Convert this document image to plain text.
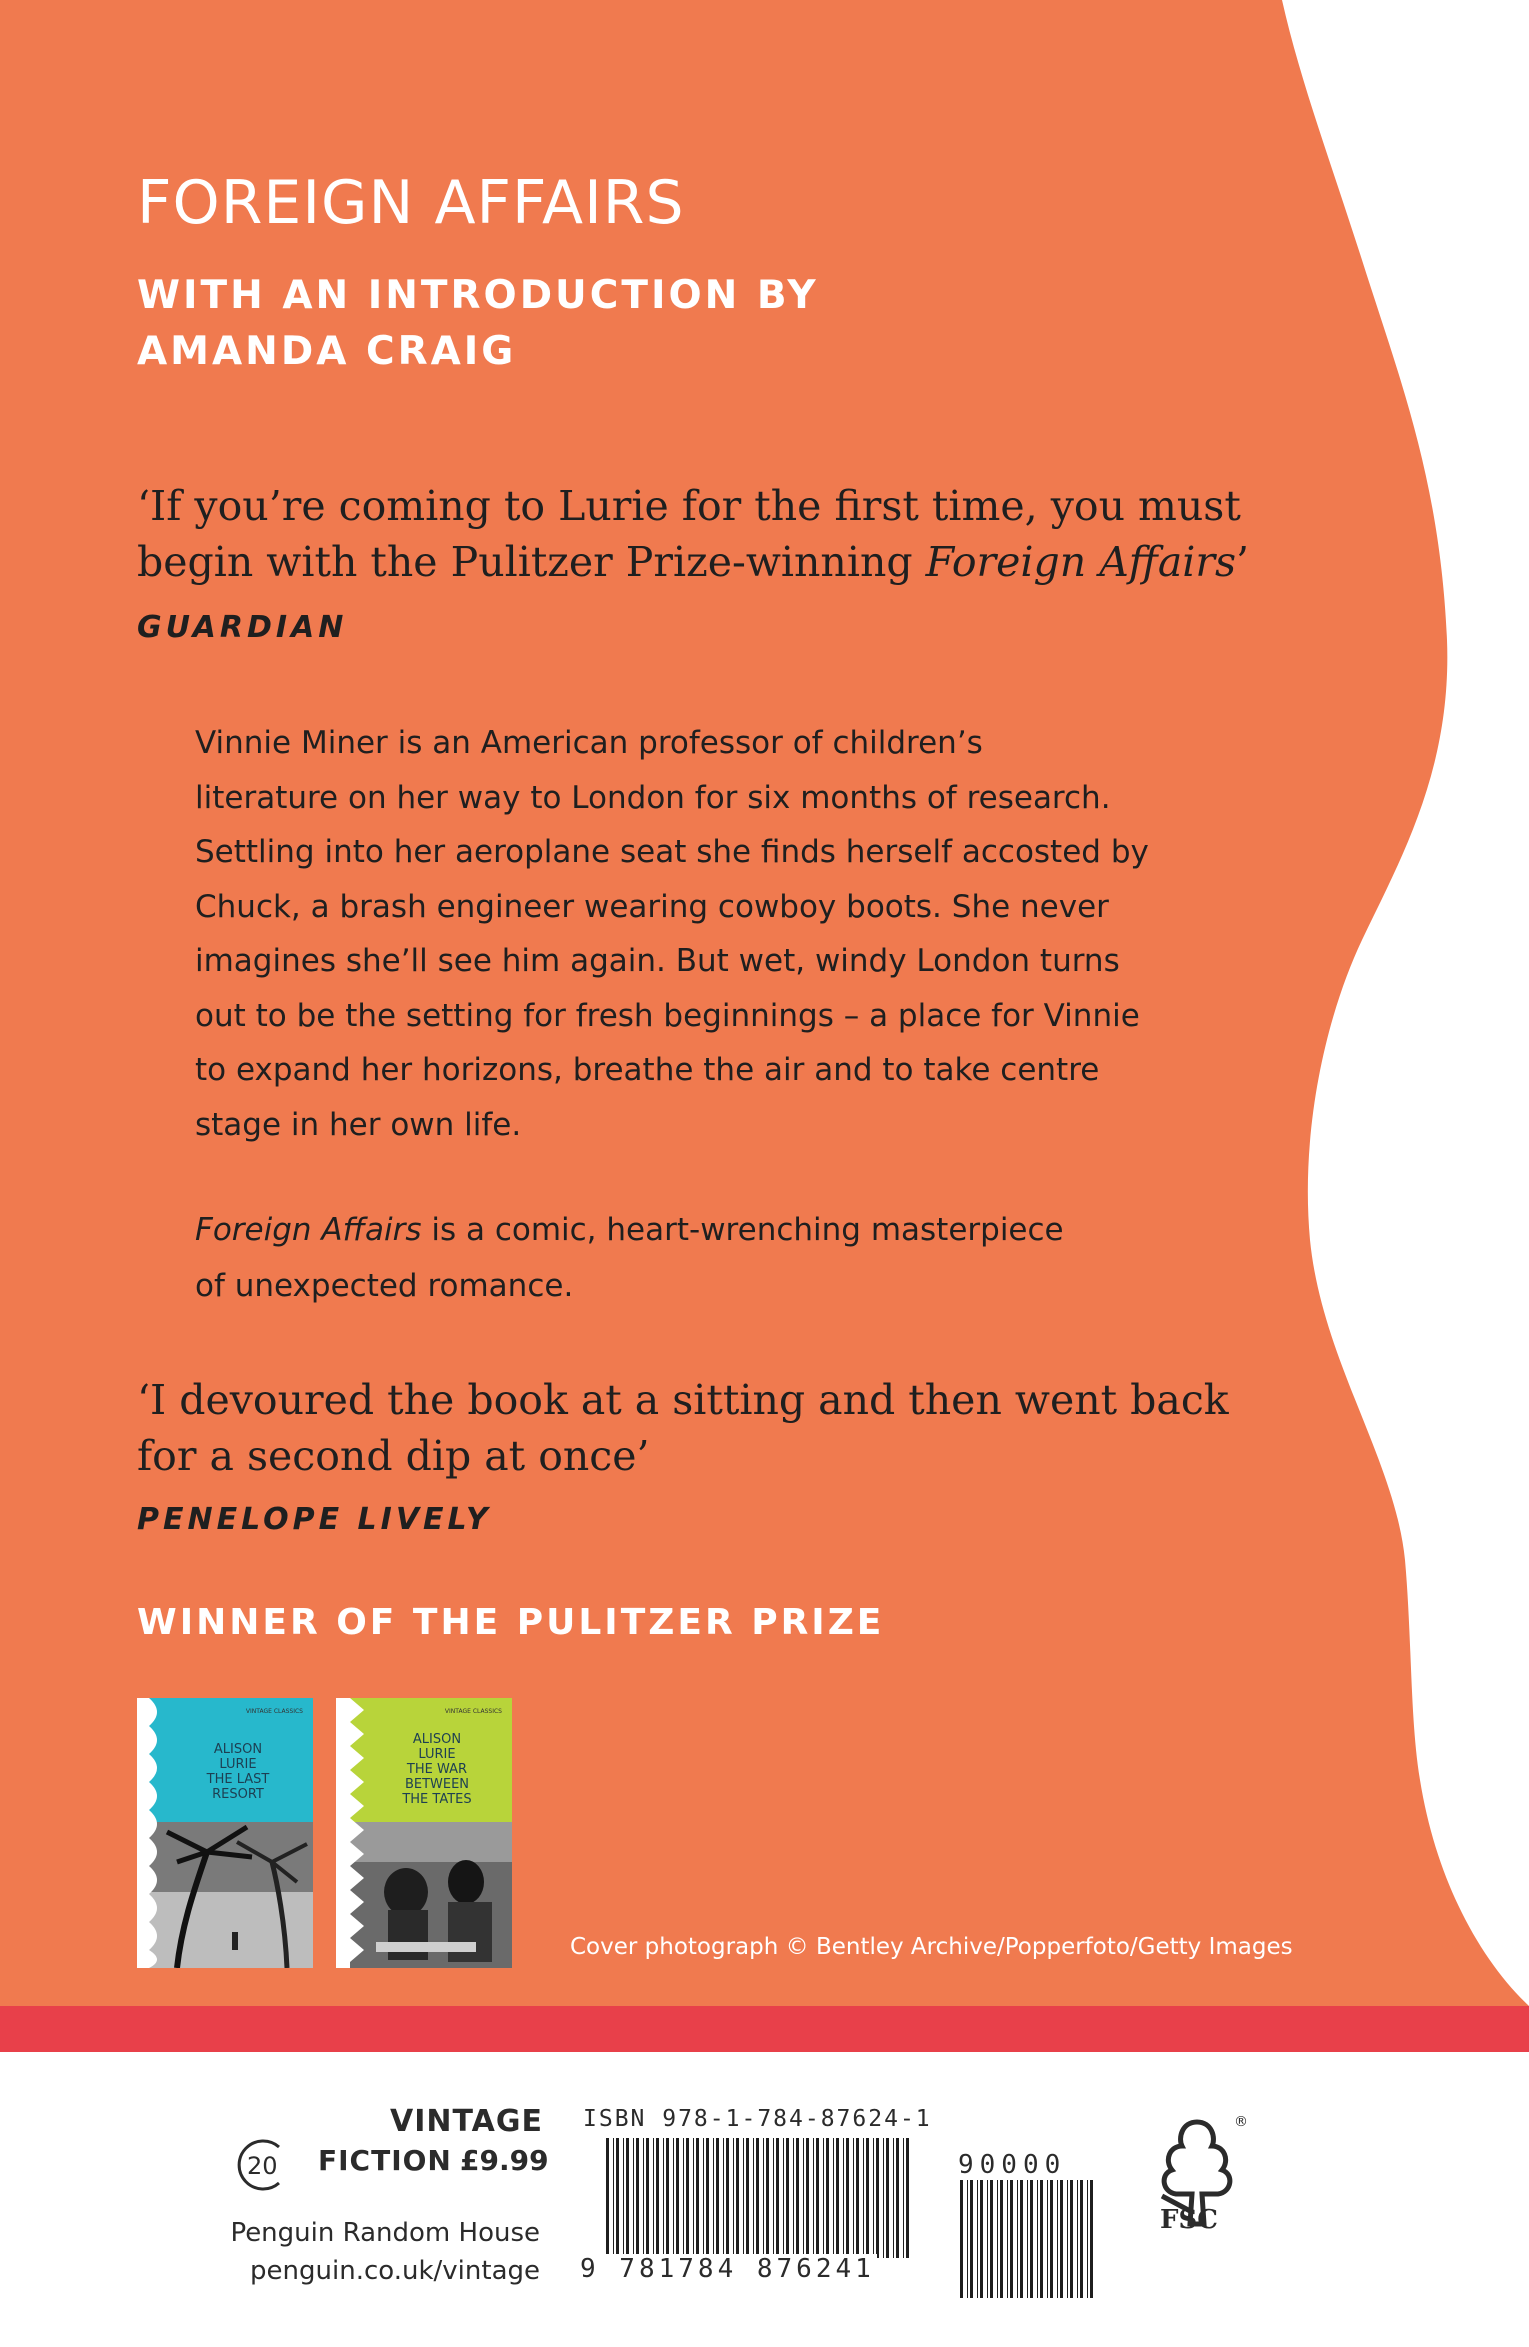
FOREIGN AFFAIRS
WITH AN INTRODUCTION BY
AMANDA CRAIG
‘If you’re coming to Lurie for the first time, you must
begin with the Pulitzer Prize-winning Foreign Affairs’
GUARDIAN
Vinnie Miner is an American professor of children’s
literature on her way to London for six months of research.
Settling into her aeroplane seat she finds herself accosted by
Chuck, a brash engineer wearing cowboy boots. She never
imagines she’ll see him again. But wet, windy London turns
out to be the setting for fresh beginnings – a place for Vinnie
to expand her horizons, breathe the air and to take centre
stage in her own life.
Foreign Affairs is a comic, heart-wrenching masterpiece
of unexpected romance.
‘I devoured the book at a sitting and then went back
for a second dip at once’
PENELOPE LIVELY
WINNER OF THE PULITZER PRIZE
VINTAGE CLASSICS
ALISON
LURIE
THE LAST
RESORT
VINTAGE CLASSICS
ALISON
LURIE
THE WAR
BETWEEN
THE TATES
Cover photograph © Bentley Archive/Popperfoto/Getty Images
20
VINTAGE
FICTION £9.99
Penguin Random House
penguin.co.uk/vintage
ISBN 978-1-784-87624-1
9 781784 876241
90000
®
FSC
